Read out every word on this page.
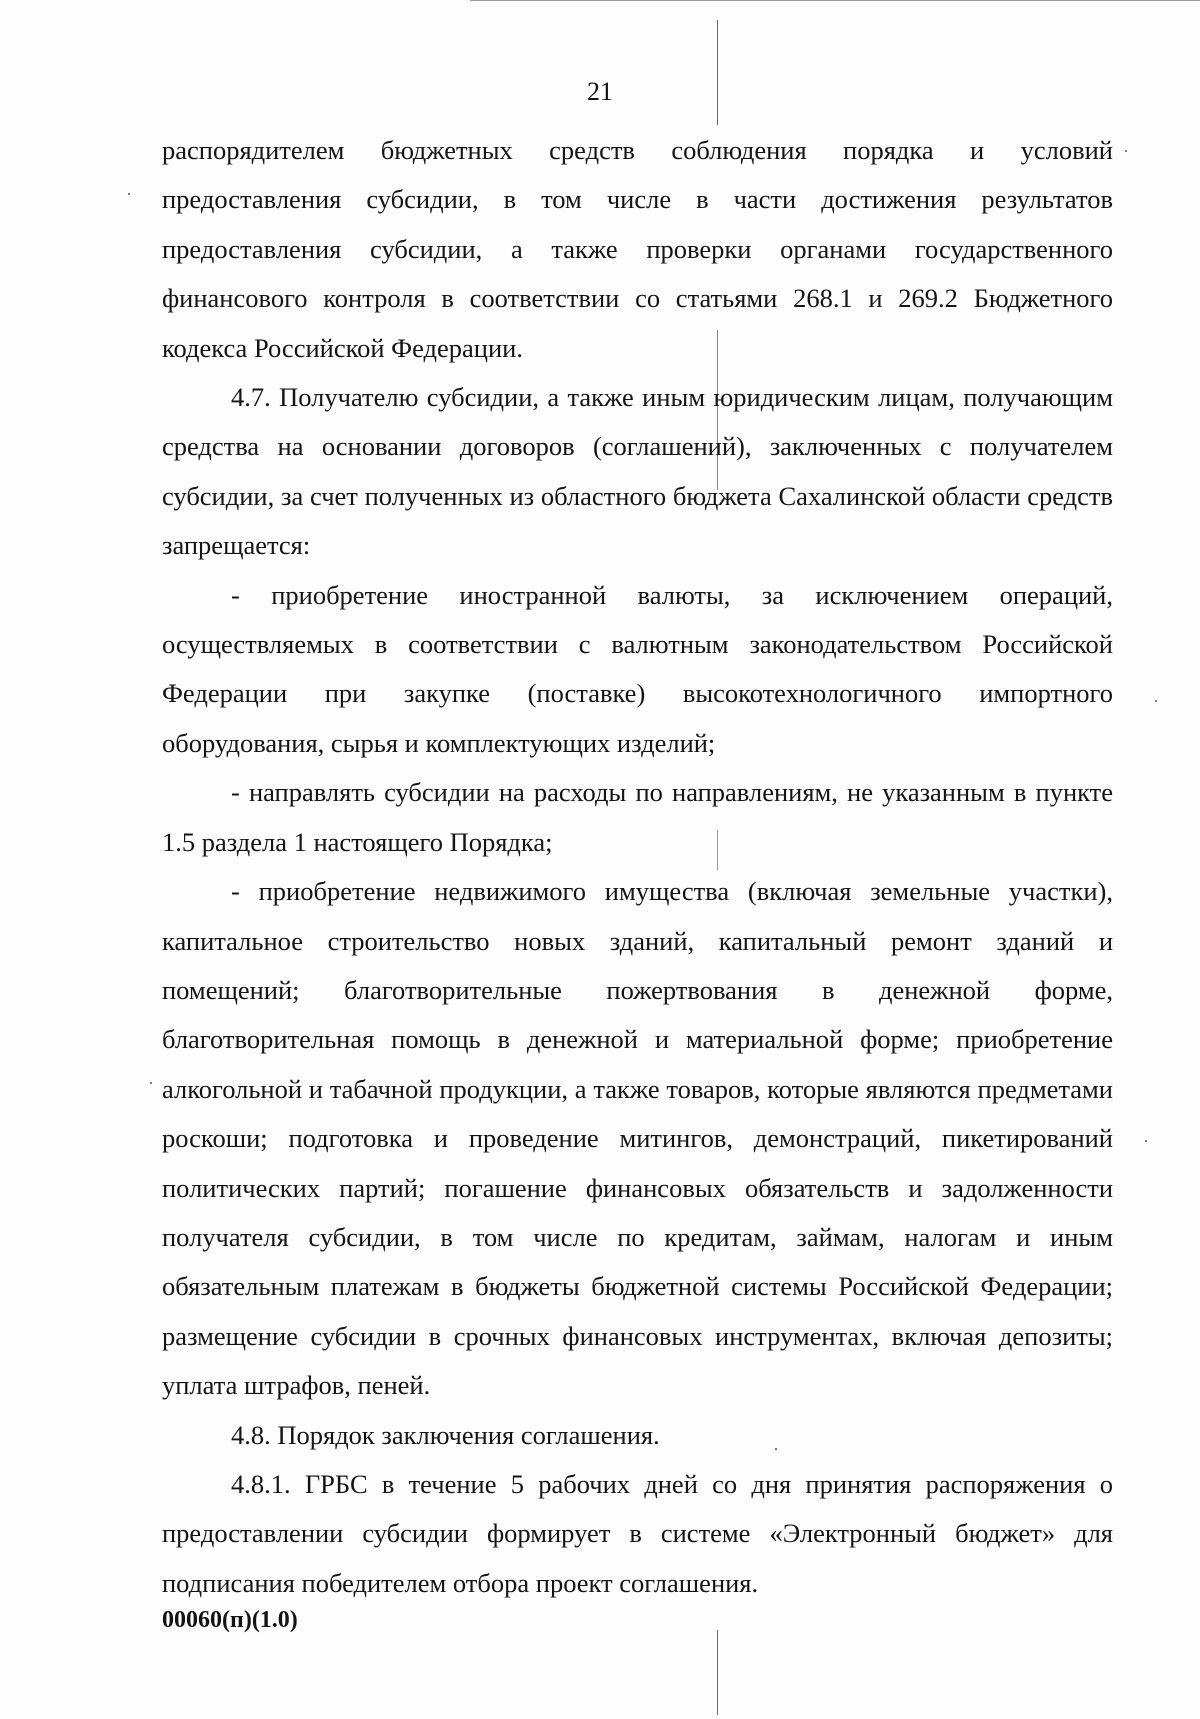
21

распорядителем бюджетных средств соблюдения порядка и условий предоставления субсидии, в том числе в части достижения результатов предоставления субсидии, а также проверки органами государственного финансового контроля в соответствии со статьями 268.1 и 269.2 Бюджетного кодекса Российской Федерации.

4.7. Получателю субсидии, а также иным юридическим лицам, получающим средства на основании договоров (соглашений), заключенных с получателем субсидии, за счет полученных из областного бюджета Сахалинской области средств запрещается:

- приобретение иностранной валюты, за исключением операций, осуществляемых в соответствии с валютным законодательством Российской Федерации при закупке (поставке) высокотехнологичного импортного оборудования, сырья и комплектующих изделий;

- направлять субсидии на расходы по направлениям, не указанным в пункте 1.5 раздела 1 настоящего Порядка;

- приобретение недвижимого имущества (включая земельные участки), капитальное строительство новых зданий, капитальный ремонт зданий и помещений; благотворительные пожертвования в денежной форме, благотворительная помощь в денежной и материальной форме; приобретение алкогольной и табачной продукции, а также товаров, которые являются предметами роскоши; подготовка и проведение митингов, демонстраций, пикетирований политических партий; погашение финансовых обязательств и задолженности получателя субсидии, в том числе по кредитам, займам, налогам и иным обязательным платежам в бюджеты бюджетной системы Российской Федерации; размещение субсидии в срочных финансовых инструментах, включая депозиты; уплата штрафов, пеней.

4.8. Порядок заключения соглашения.

4.8.1. ГРБС в течение 5 рабочих дней со дня принятия распоряжения о предоставлении субсидии формирует в системе «Электронный бюджет» для подписания победителем отбора проект соглашения.

00060(п)(1.0)
